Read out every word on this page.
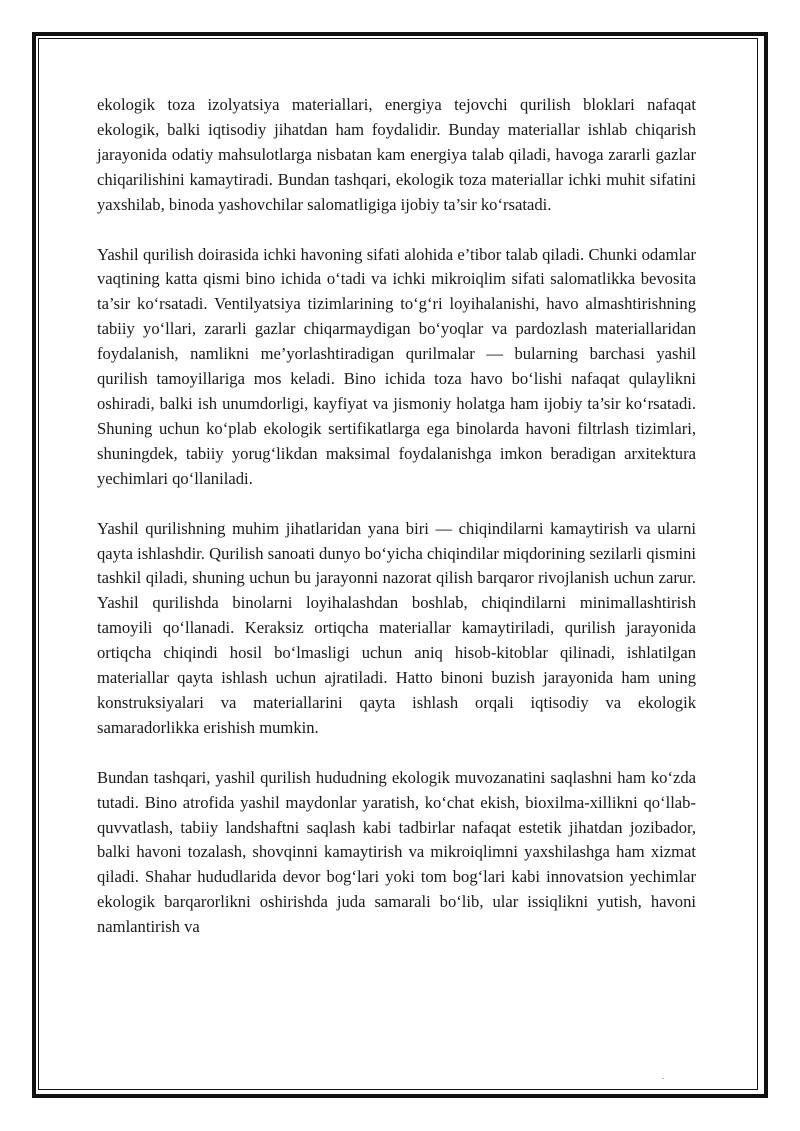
ekologik toza izolyatsiya materiallari, energiya tejovchi qurilish bloklari nafaqat ekologik, balki iqtisodiy jihatdan ham foydalidir. Bunday materiallar ishlab chiqarish jarayonida odatiy mahsulotlarga nisbatan kam energiya talab qiladi, havoga zararli gazlar chiqarilishini kamaytiradi. Bundan tashqari, ekologik toza materiallar ichki muhit sifatini yaxshilab, binoda yashovchilar salomatligiga ijobiy ta’sir ko‘rsatadi.

Yashil qurilish doirasida ichki havoning sifati alohida e’tibor talab qiladi. Chunki odamlar vaqtining katta qismi bino ichida o‘tadi va ichki mikroiqlim sifati salomatlikka bevosita ta’sir ko‘rsatadi. Ventilyatsiya tizimlarining to‘g‘ri loyihalanishi, havo almashtirishning tabiiy yo‘llari, zararli gazlar chiqarmaydigan bo‘yoqlar va pardozlash materiallaridan foydalanish, namlikni me’yorlashtiradigan qurilmalar — bularning barchasi yashil qurilish tamoyillariga mos keladi. Bino ichida toza havo bo‘lishi nafaqat qulaylikni oshiradi, balki ish unumdorligi, kayfiyat va jismoniy holatga ham ijobiy ta’sir ko‘rsatadi. Shuning uchun ko‘plab ekologik sertifikatlarga ega binolarda havoni filtrlash tizimlari, shuningdek, tabiiy yorug‘likdan maksimal foydalanishga imkon beradigan arxitektura yechimlari qo‘llaniladi.

Yashil qurilishning muhim jihatlaridan yana biri — chiqindilarni kamaytirish va ularni qayta ishlashdir. Qurilish sanoati dunyo bo‘yicha chiqindilar miqdorining sezilarli qismini tashkil qiladi, shuning uchun bu jarayonni nazorat qilish barqaror rivojlanish uchun zarur. Yashil qurilishda binolarni loyihalashdan boshlab, chiqindilarni minimallashtirish tamoyili qo‘llanadi. Keraksiz ortiqcha materiallar kamaytiriladi, qurilish jarayonida ortiqcha chiqindi hosil bo‘lmasligi uchun aniq hisob-kitoblar qilinadi, ishlatilgan materiallar qayta ishlash uchun ajratiladi. Hatto binoni buzish jarayonida ham uning konstruksiyalari va materiallarini qayta ishlash orqali iqtisodiy va ekologik samaradorlikka erishish mumkin.

Bundan tashqari, yashil qurilish hududning ekologik muvozanatini saqlashni ham ko‘zda tutadi. Bino atrofida yashil maydonlar yaratish, ko‘chat ekish, bioxilma-xillikni qo‘llab-quvvatlash, tabiiy landshaftni saqlash kabi tadbirlar nafaqat estetik jihatdan jozibador, balki havoni tozalash, shovqinni kamaytirish va mikroiqlimni yaxshilashga ham xizmat qiladi. Shahar hududlarida devor bog‘lari yoki tom bog‘lari kabi innovatsion yechimlar ekologik barqarorlikni oshirishda juda samarali bo‘lib, ular issiqlikni yutish, havoni namlantirish va

.
